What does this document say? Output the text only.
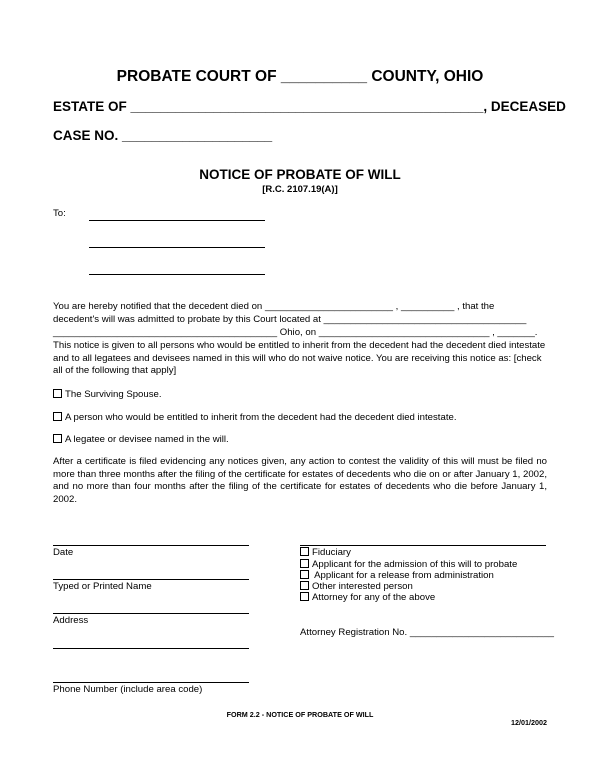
PROBATE COURT OF __________ COUNTY, OHIO
ESTATE OF _______________________________________________, DECEASED
CASE NO. ____________________
NOTICE OF PROBATE OF WILL
[R.C. 2107.19(A)]
To:
You are hereby notified that the decedent died on ________________________ , __________ , that the
decedent's will was admitted to probate by this Court located at ______________________________________
__________________________________________ Ohio, on ________________________________ , _______.
This notice is given to all persons who would be entitled to inherit from the decedent had the decedent died intestate and to all legatees and devisees named in this will who do not waive notice. You are receiving this notice as: [check all of the following that apply]
The Surviving Spouse.
A person who would be entitled to inherit from the decedent had the decedent died intestate.
A legatee or devisee named in the will.
After a certificate is filed evidencing any notices given, any action to contest the validity of this will must be filed no more than three months after the filing of the certificate for estates of decedents who die on or after January 1, 2002, and no more than four months after the filing of the certificate for estates of decedents who die before January 1, 2002.
Date
Typed or Printed Name
Address
Phone Number (include area code)
Fiduciary
Applicant for the admission of this will to probate
Applicant for a release from administration
Other interested person
Attorney for any of the above
Attorney Registration No. ___________________________
FORM 2.2 - NOTICE OF PROBATE OF WILL
12/01/2002
